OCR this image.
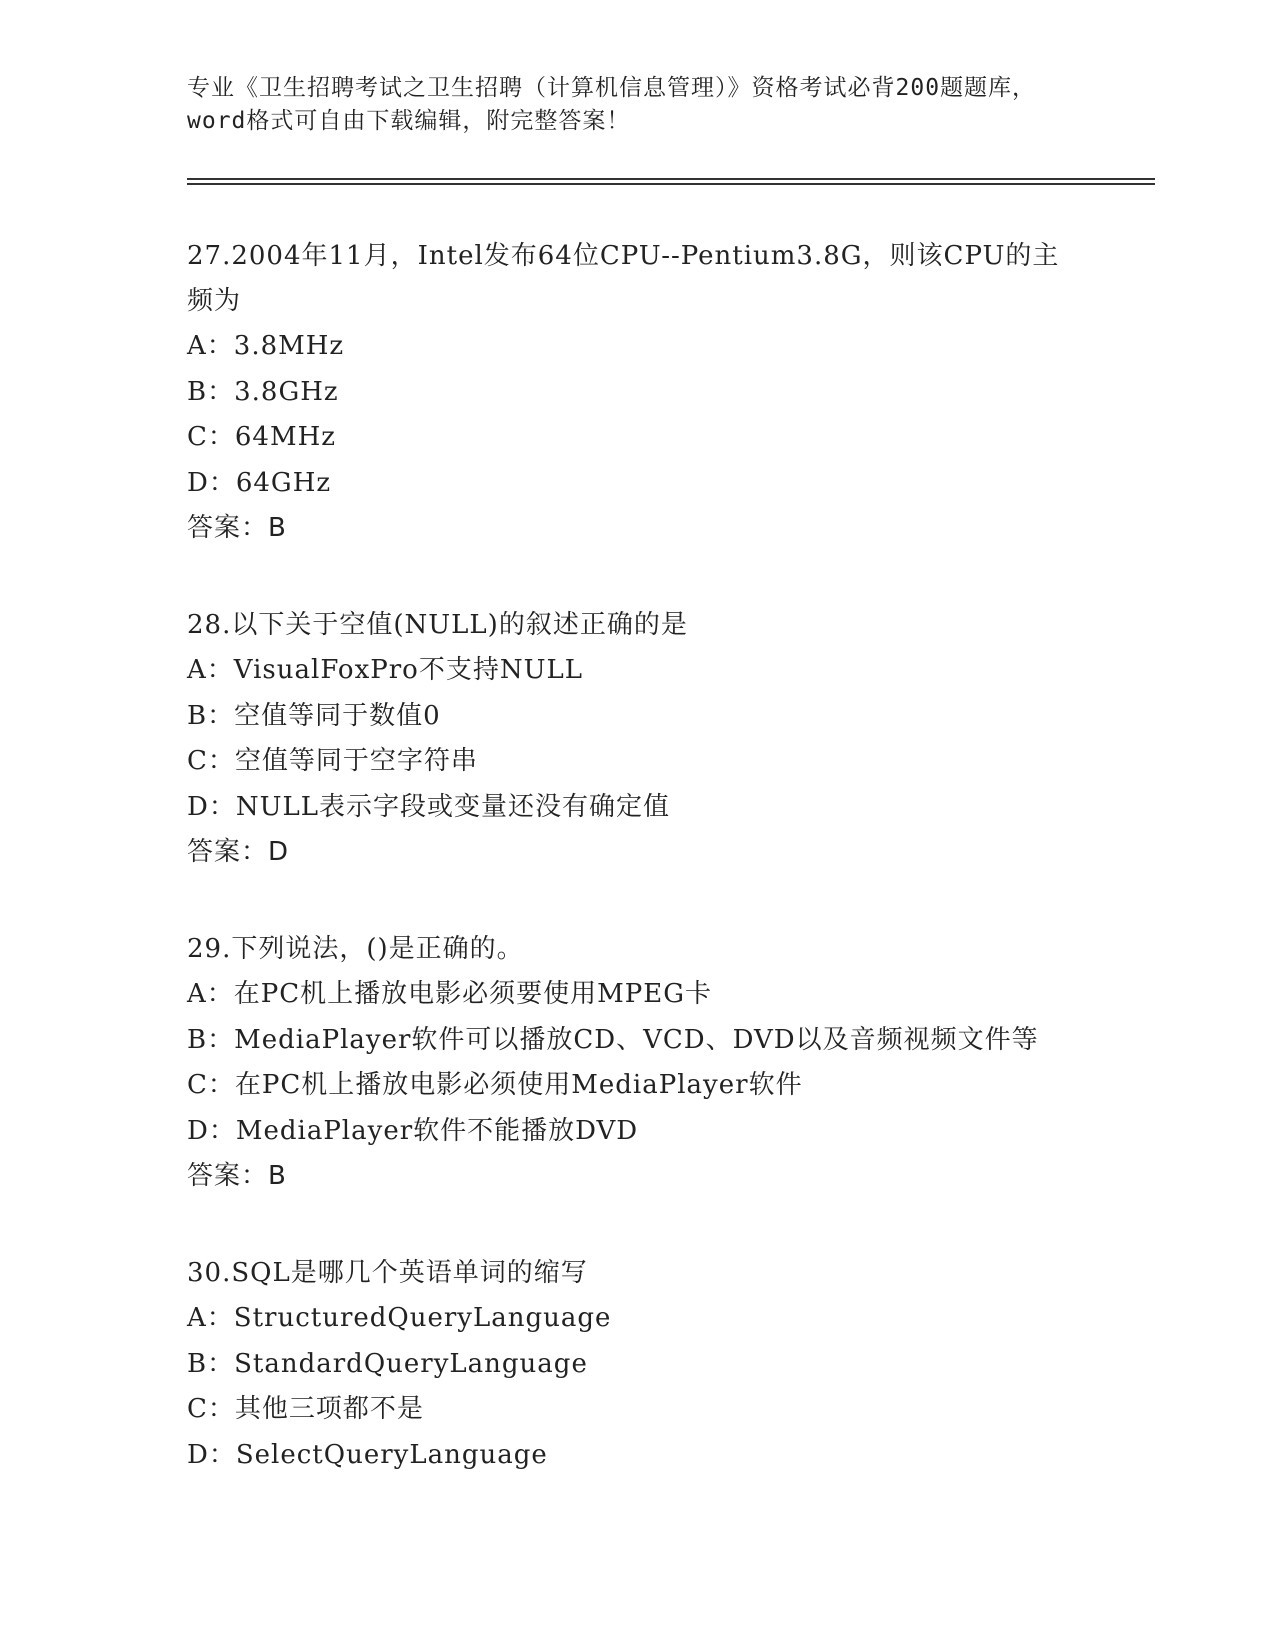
专业《卫生招聘考试之卫生招聘（计算机信息管理）》资格考试必背200题题库，
word格式可自由下载编辑，附完整答案！

27.2004年11月，Intel发布64位CPU--Pentium3.8G，则该CPU的主

频为

A：3.8MHz

B：3.8GHz

C：64MHz

D：64GHz

答案：B

28.以下关于空值(NULL)的叙述正确的是

A：VisualFoxPro不支持NULL

B：空值等同于数值0

C：空值等同于空字符串

D：NULL表示字段或变量还没有确定值

答案：D

29.下列说法，()是正确的。

A：在PC机上播放电影必须要使用MPEG卡

B：MediaPlayer软件可以播放CD、VCD、DVD以及音频视频文件等

C：在PC机上播放电影必须使用MediaPlayer软件

D：MediaPlayer软件不能播放DVD

答案：B

30.SQL是哪几个英语单词的缩写

A：StructuredQueryLanguage

B：StandardQueryLanguage

C：其他三项都不是

D：SelectQueryLanguage
